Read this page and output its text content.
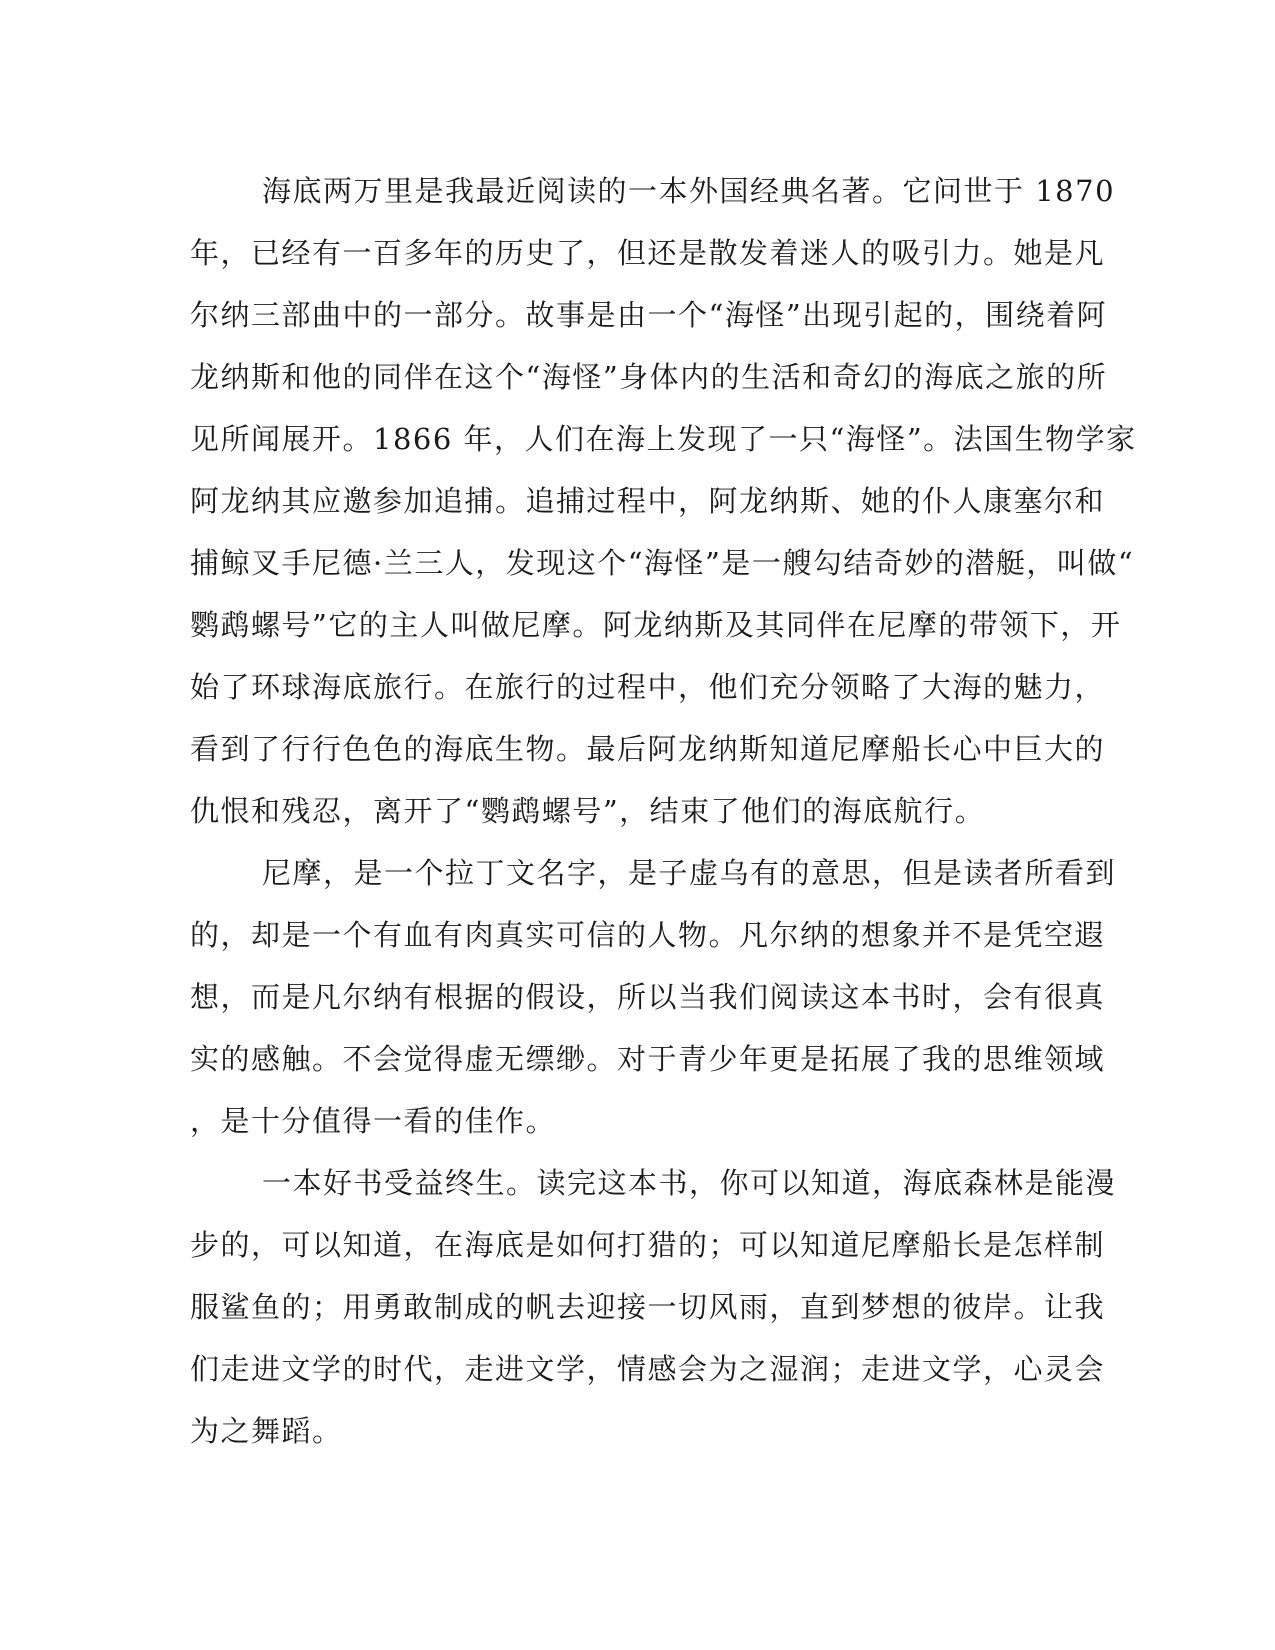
海底两万里是我最近阅读的一本外国经典名著。它问世于 1870
年，已经有一百多年的历史了，但还是散发着迷人的吸引力。她是凡
尔纳三部曲中的一部分。故事是由一个“海怪”出现引起的，围绕着阿
龙纳斯和他的同伴在这个“海怪”身体内的生活和奇幻的海底之旅的所
见所闻展开。1866 年，人们在海上发现了一只“海怪”。法国生物学家
阿龙纳其应邀参加追捕。追捕过程中，阿龙纳斯、她的仆人康塞尔和
捕鲸叉手尼德·兰三人，发现这个“海怪”是一艘勾结奇妙的潜艇，叫做“
鹦鹉螺号”它的主人叫做尼摩。阿龙纳斯及其同伴在尼摩的带领下，开
始了环球海底旅行。在旅行的过程中，他们充分领略了大海的魅力，
看到了行行色色的海底生物。最后阿龙纳斯知道尼摩船长心中巨大的
仇恨和残忍，离开了“鹦鹉螺号”，结束了他们的海底航行。
尼摩，是一个拉丁文名字，是子虚乌有的意思，但是读者所看到
的，却是一个有血有肉真实可信的人物。凡尔纳的想象并不是凭空遐
想，而是凡尔纳有根据的假设，所以当我们阅读这本书时，会有很真
实的感触。不会觉得虚无缥缈。对于青少年更是拓展了我的思维领域
，是十分值得一看的佳作。
一本好书受益终生。读完这本书，你可以知道，海底森林是能漫
步的，可以知道，在海底是如何打猎的；可以知道尼摩船长是怎样制
服鲨鱼的；用勇敢制成的帆去迎接一切风雨，直到梦想的彼岸。让我
们走进文学的时代，走进文学，情感会为之湿润；走进文学，心灵会
为之舞蹈。
